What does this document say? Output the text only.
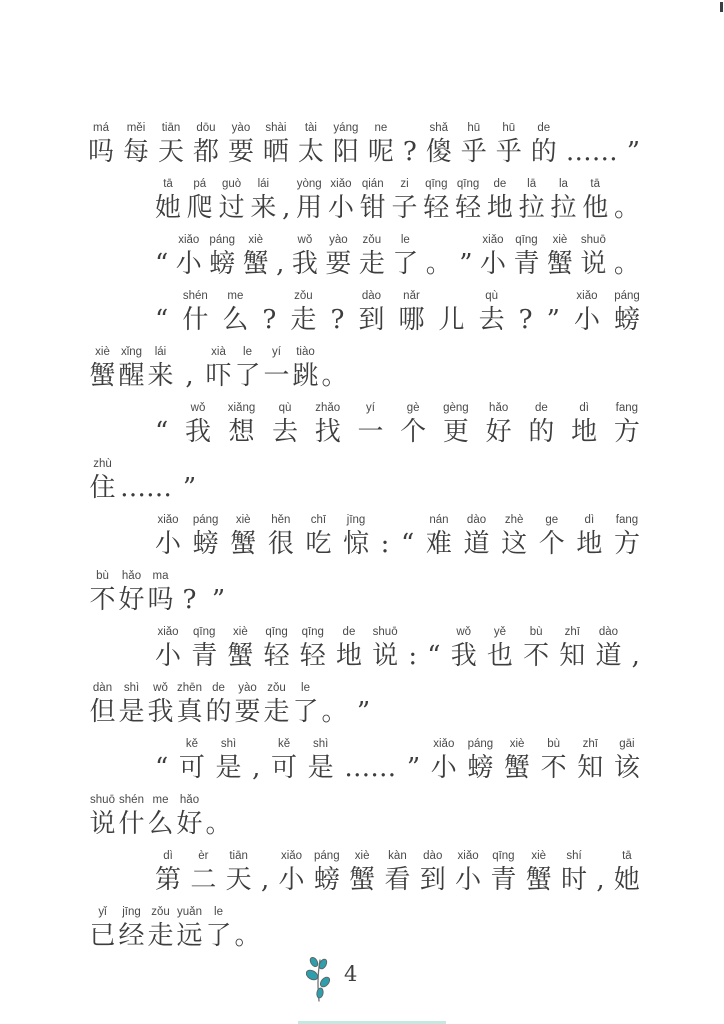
má
吗
měi
每
tiān
天
dōu
都
yào
要
shài
晒
tài
太
yáng
阳
ne
呢 ?
shǎ
傻
hū
乎
hū
乎
de
的 …… ”
tā
她
pá
爬
guò
过
lái
来 ,
yòng
用
xiǎo
小
qián
钳
zi
子
qīng
轻
qīng
轻
de
地
lā
拉
la
拉
tā
他 。
“
xiǎo
小
páng
螃
xiè
蟹 ,
wǒ
我
yào
要
zǒu
走
le
了 。 ”
xiǎo
小
qīng
青
xiè
蟹
shuō
说 。
“
shén
什
me
么 ?
zǒu
走 ?
dào
到
nǎr
哪 儿
qù
去 ? ”
xiǎo
小
páng
螃
xiè
蟹
xǐng
醒
lái
来 ,
xià
吓
le
了
yí
一
tiào
跳 。
“
wǒ
我
xiǎng
想
qù
去
zhǎo
找
yí
一
gè
个
gèng
更
hǎo
好
de
的
dì
地
fang
方
zhù
住 …… ”
xiǎo
小
páng
螃
xiè
蟹
hěn
很
chī
吃
jīng
惊 : “
nán
难
dào
道
zhè
这
ge
个
dì
地
fang
方
bù
不
hǎo
好
ma
吗 ? ”
xiǎo
小
qīng
青
xiè
蟹
qīng
轻
qīng
轻
de
地
shuō
说 : “
wǒ
我
yě
也
bù
不
zhī
知
dào
道 ,
dàn
但
shì
是
wǒ
我
zhēn
真
de
的
yào
要
zǒu
走
le
了 。 ”
“
kě
可
shì
是 ,
kě
可
shì
是 …… ”
xiǎo
小
páng
螃
xiè
蟹
bù
不
zhī
知
gāi
该
shuō
说
shén
什
me
么
hǎo
好 。
dì
第
èr
二
tiān
天 ,
xiǎo
小
páng
螃
xiè
蟹
kàn
看
dào
到
xiǎo
小
qīng
青
xiè
蟹
shí
时 ,
tā
她
yǐ
已
jīng
经
zǒu
走
yuǎn
远
le
了 。
4
